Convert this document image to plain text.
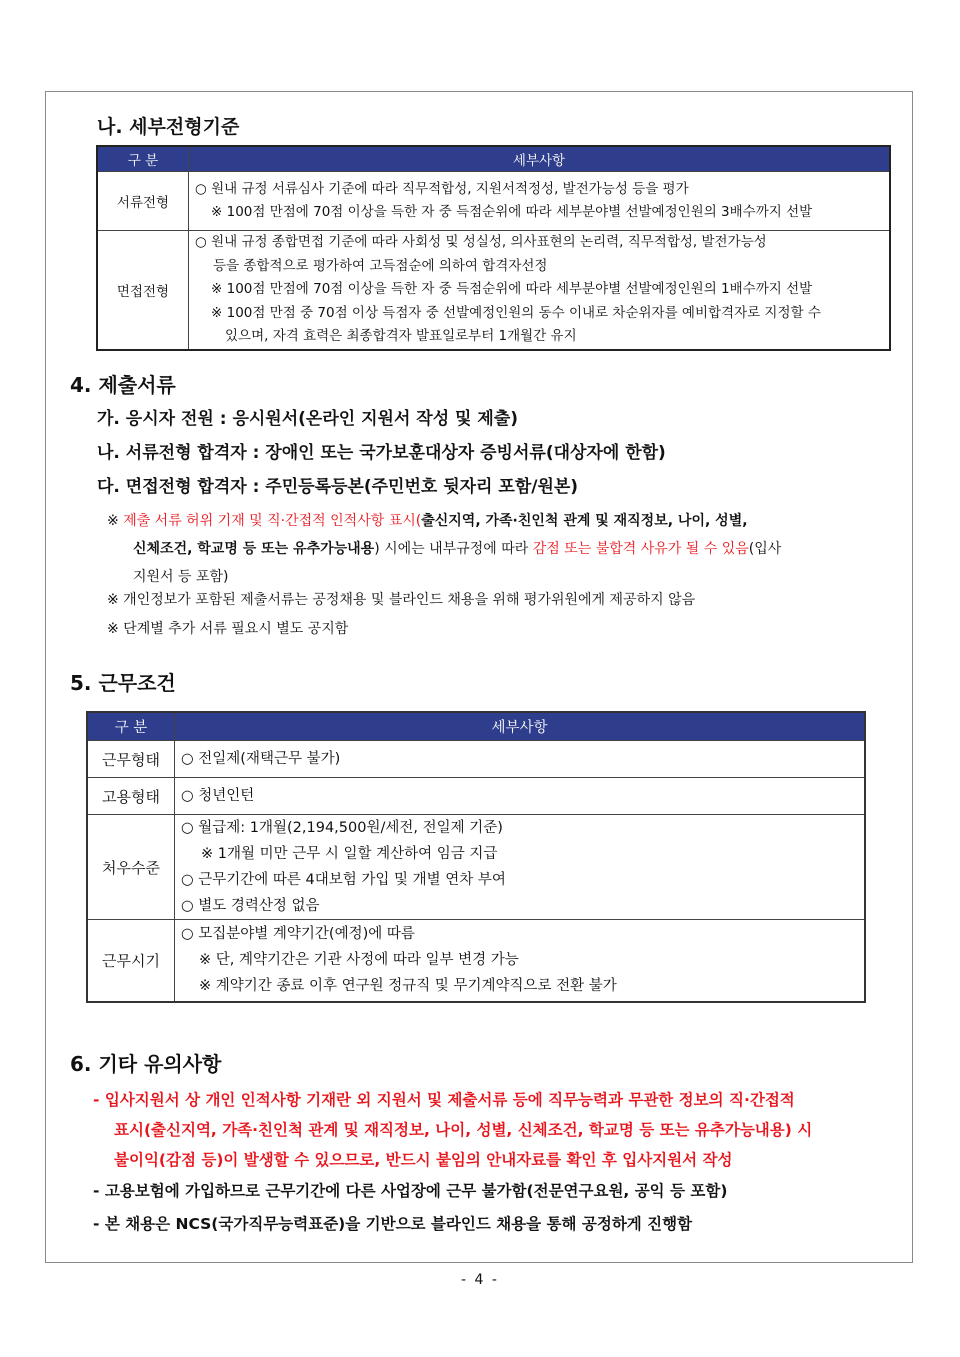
나. 세부전형기준
구 분	세부사항
서류전형	○ 원내 규정 서류심사 기준에 따라 직무적합성, 지원서적정성, 발전가능성 등을 평가
※ 100점 만점에 70점 이상을 득한 자 중 득점순위에 따라 세부분야별 선발예정인원의 3배수까지 선발

면접전형	○ 원내 규정 종합면접 기준에 따라 사회성 및 성실성, 의사표현의 논리력, 직무적합성, 발전가능성
등을 종합적으로 평가하여 고득점순에 의하여 합격자선정
※ 100점 만점에 70점 이상을 득한 자 중 득점순위에 따라 세부분야별 선발예정인원의 1배수까지 선발
※ 100점 만점 중 70점 이상 득점자 중 선발예정인원의 동수 이내로 차순위자를 예비합격자로 지정할 수
있으며, 자격 효력은 최종합격자 발표일로부터 1개월간 유지
4. 제출서류
가. 응시자 전원 : 응시원서(온라인 지원서 작성 및 제출)
나. 서류전형 합격자 : 장애인 또는 국가보훈대상자 증빙서류(대상자에 한함)
다. 면접전형 합격자 : 주민등록등본(주민번호 뒷자리 포함/원본)
※ 제출 서류 허위 기재 및 직·간접적 인적사항 표시(출신지역, 가족·친인척 관계 및 재직정보, 나이, 성별,
신체조건, 학교명 등 또는 유추가능내용) 시에는 내부규정에 따라 감점 또는 불합격 사유가 될 수 있음(입사
지원서 등 포함)
※ 개인정보가 포함된 제출서류는 공정채용 및 블라인드 채용을 위해 평가위원에게 제공하지 않음
※ 단계별 추가 서류 필요시 별도 공지함
5. 근무조건
구 분	세부사항
근무형태	○ 전일제(재택근무 불가)

고용형태	○ 청년인턴

처우수준	○ 월급제: 1개월(2,194,500원/세전, 전일제 기준)
※ 1개월 미만 근무 시 일할 계산하여 임금 지급
○ 근무기간에 따른 4대보험 가입 및 개별 연차 부여
○ 별도 경력산정 없음

근무시기	○ 모집분야별 계약기간(예정)에 따름
※ 단, 계약기간은 기관 사정에 따라 일부 변경 가능
※ 계약기간 종료 이후 연구원 정규직 및 무기계약직으로 전환 불가
6. 기타 유의사항
- 입사지원서 상 개인 인적사항 기재란 외 지원서 및 제출서류 등에 직무능력과 무관한 정보의 직·간접적
표시(출신지역, 가족·친인척 관계 및 재직정보, 나이, 성별, 신체조건, 학교명 등 또는 유추가능내용) 시
불이익(감점 등)이 발생할 수 있으므로, 반드시 붙임의 안내자료를 확인 후 입사지원서 작성
- 고용보험에 가입하므로 근무기간에 다른 사업장에 근무 불가함(전문연구요원, 공익 등 포함)
- 본 채용은 NCS(국가직무능력표준)을 기반으로 블라인드 채용을 통해 공정하게 진행함
- 4 -
